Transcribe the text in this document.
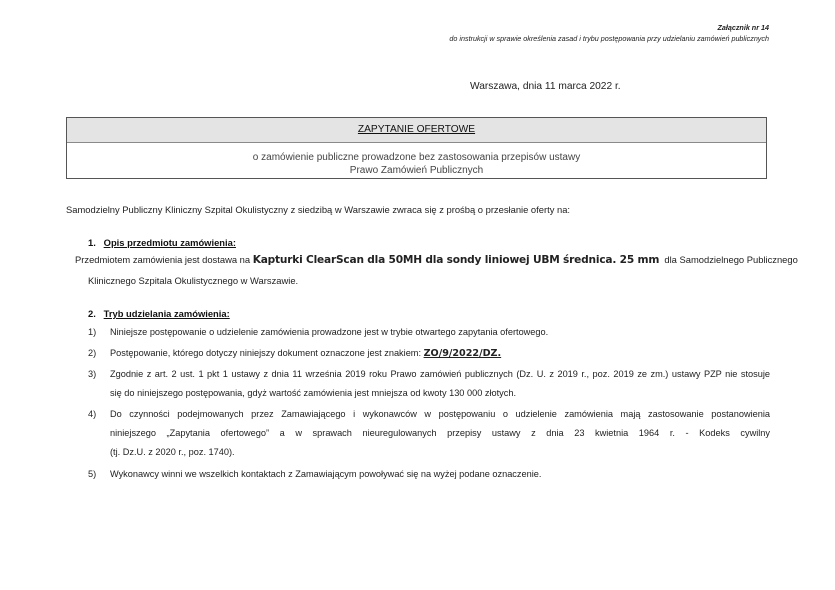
Załącznik nr 14
do instrukcji w sprawie określenia zasad i trybu postępowania przy udzielaniu zamówień publicznych
Warszawa, dnia 11 marca 2022 r.
ZAPYTANIE OFERTOWE
o zamówienie publiczne prowadzone bez zastosowania przepisów ustawy
Prawo Zamówień Publicznych
Samodzielny Publiczny Kliniczny Szpital Okulistyczny z siedzibą w Warszawie zwraca się z prośbą o przesłanie oferty na:
1. Opis przedmiotu zamówienia:
Przedmiotem zamówienia jest dostawa na Kapturki ClearScan dla 50MH dla sondy liniowej UBM średnica. 25 mm dla Samodzielnego Publicznego
Klinicznego Szpitala Okulistycznego w Warszawie.
2. Tryb udzielania zamówienia:
1) Niniejsze postępowanie o udzielenie zamówienia prowadzone jest w trybie otwartego zapytania ofertowego.
2) Postępowanie, którego dotyczy niniejszy dokument oznaczone jest znakiem: ZO/9/2022/DZ.
3) Zgodnie z art. 2 ust. 1 pkt 1 ustawy z dnia 11 września 2019 roku Prawo zamówień publicznych (Dz. U. z 2019 r., poz. 2019 ze zm.) ustawy PZP nie stosuje
się do niniejszego postępowania, gdyż wartość zamówienia jest mniejsza od kwoty 130 000 złotych.
4) Do czynności podejmowanych przez Zamawiającego i wykonawców w postępowaniu o udzielenie zamówienia mają zastosowanie postanowienia
niniejszego „Zapytania ofertowego” a w sprawach nieuregulowanych przepisy ustawy z dnia 23 kwietnia 1964 r. - Kodeks cywilny
(tj. Dz.U. z 2020 r., poz. 1740).
5) Wykonawcy winni we wszelkich kontaktach z Zamawiającym powoływać się na wyżej podane oznaczenie.
